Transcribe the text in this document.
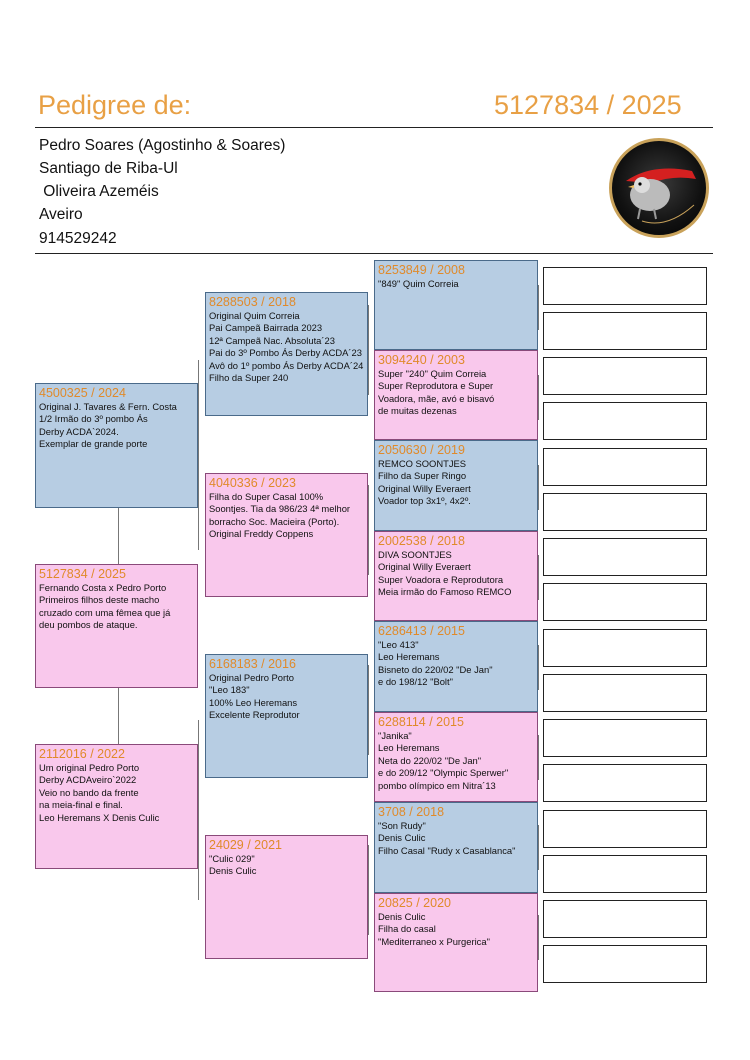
Pedigree de:	5127834 / 2025
Pedro Soares (Agostinho & Soares)
Santiago de Riba-Ul
Oliveira Azeméis
Aveiro
914529242
4500325 / 2024
Original J. Tavares & Fern. Costa
1/2 Irmão do 3º pombo Ás
Derby ACDA`2024.
Exemplar de grande porte
5127834 / 2025
Fernando Costa x Pedro Porto
Primeiros filhos deste macho
cruzado com uma fêmea que já
deu pombos de ataque.
2112016 / 2022
Um original Pedro Porto
Derby ACDAveiro`2022
Veio no bando da frente
na meia-final e final.
Leo Heremans X Denis Culic
8288503 / 2018
Original Quim Correia
Pai Campeã Bairrada 2023
12ª Campeã Nac. Absoluta´23
Pai do 3º Pombo Ás Derby ACDA´23
Avô do 1º pombo Ás Derby ACDA´24
Filho da Super 240
4040336 / 2023
Filha do Super Casal 100%
Soontjes. Tia da 986/23 4ª melhor
borracho Soc. Macieira (Porto).
Original Freddy Coppens
6168183 / 2016
Original Pedro Porto
"Leo 183"
100% Leo Heremans
Excelente Reprodutor
24029 / 2021
"Culic 029"
Denis Culic
8253849 / 2008
"849" Quim Correia
3094240 / 2003
Super "240" Quim Correia
Super Reprodutora e Super
Voadora, mãe, avó e bisavó
de muitas dezenas
2050630 / 2019
REMCO SOONTJES
Filho da Super Ringo
Original Willy Everaert
Voador top 3x1º, 4x2º.
2002538 / 2018
DIVA SOONTJES
Original Willy Everaert
Super Voadora e Reprodutora
Meia irmão do Famoso REMCO
6286413 / 2015
"Leo 413"
Leo Heremans
Bisneto do 220/02 "De Jan"
e do 198/12 "Bolt"
6288114 / 2015
"Janika"
Leo Heremans
Neta do 220/02 "De Jan"
e do 209/12 "Olympic Sperwer"
pombo olímpico em Nitra´13
3708 / 2018
"Son Rudy"
Denis Culic
Filho Casal "Rudy x Casablanca"
20825 / 2020
Denis Culic
Filha do casal
"Mediterraneo x Purgerica"
